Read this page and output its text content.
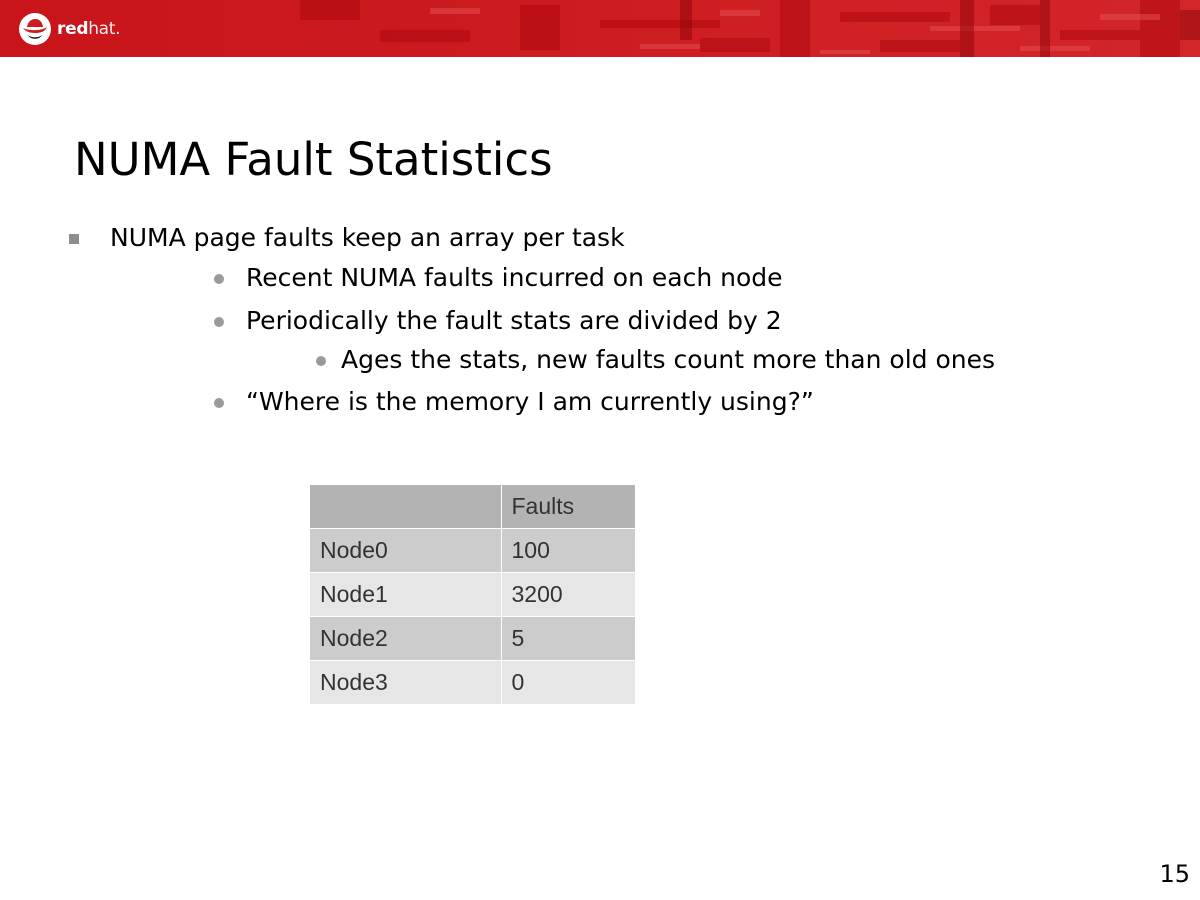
redhat.
NUMA Fault Statistics
NUMA page faults keep an array per task
Recent NUMA faults incurred on each node
Periodically the fault stats are divided by 2
Ages the stats, new faults count more than old ones
“Where is the memory I am currently using?”
	Faults
Node0	100
Node1	3200
Node2	5
Node3	0
15
